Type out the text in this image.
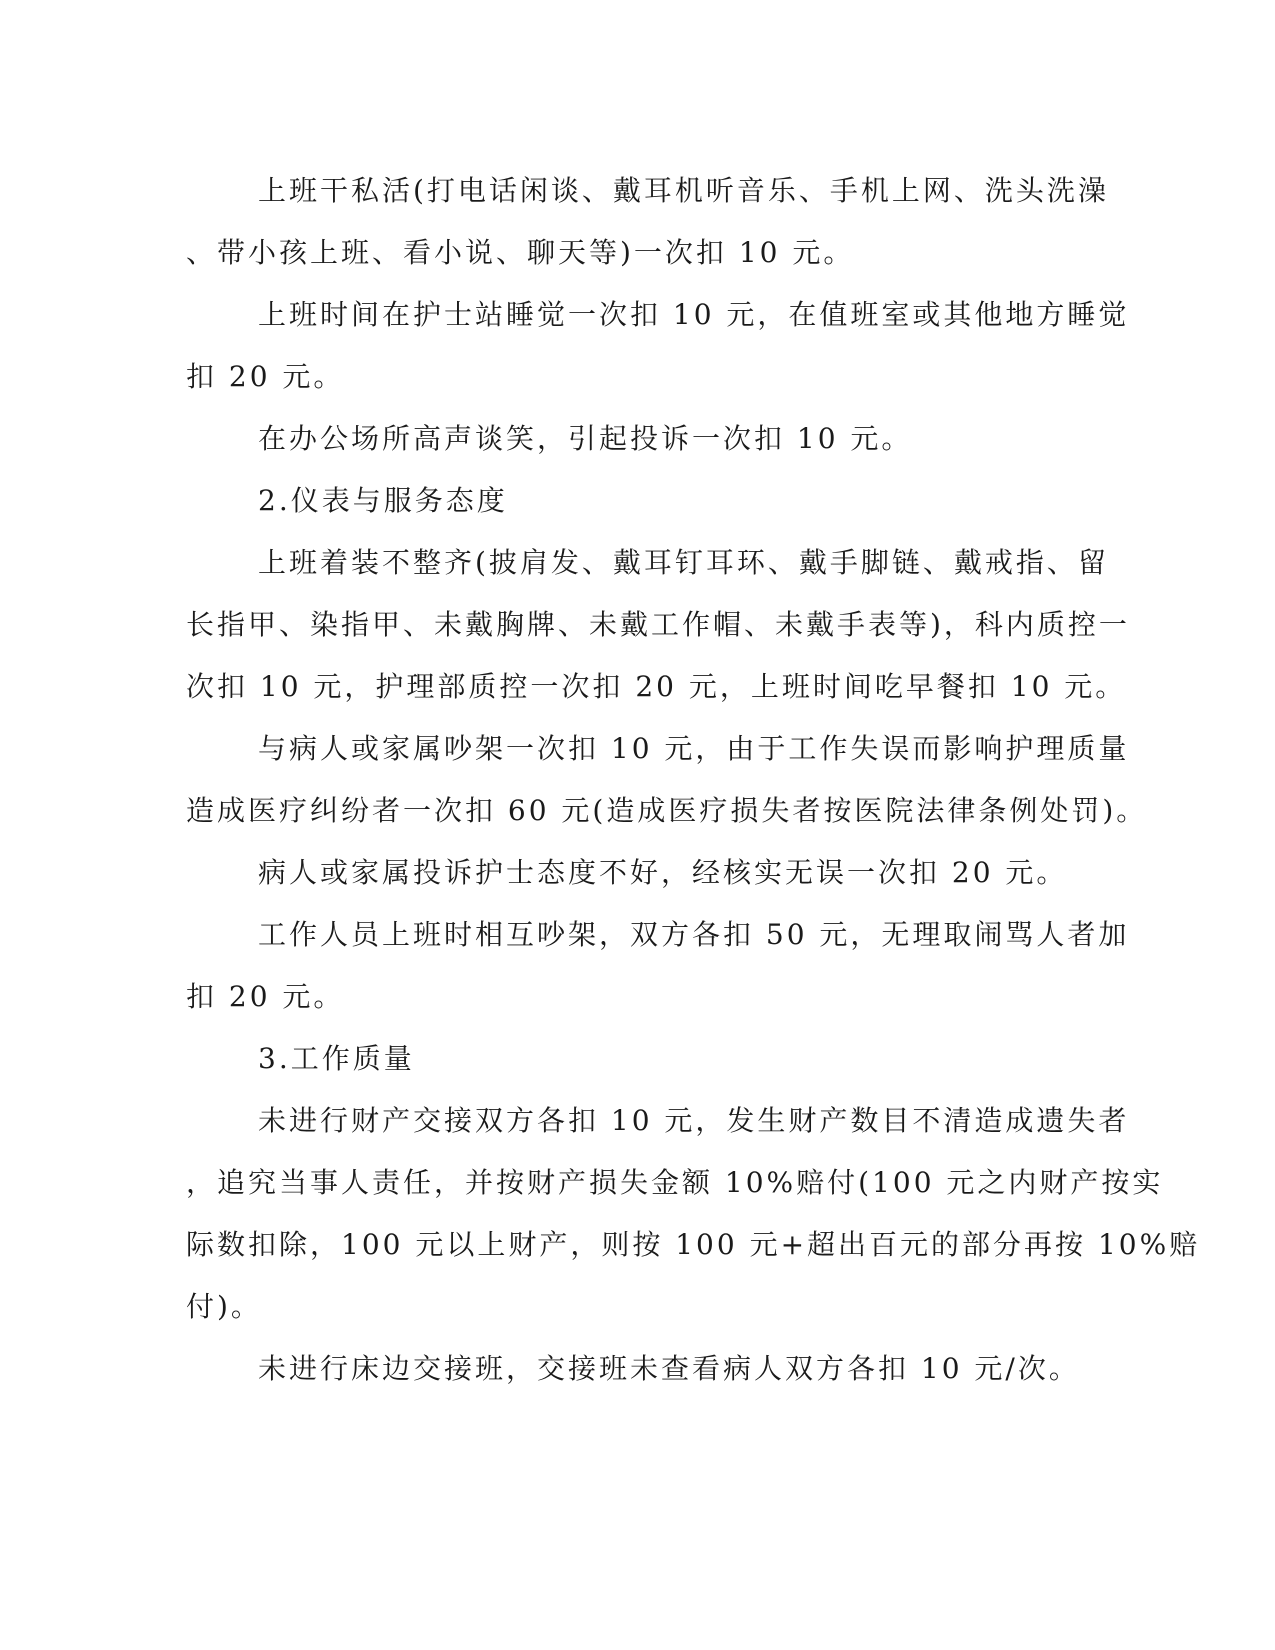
上班干私活(打电话闲谈、戴耳机听音乐、手机上网、洗头洗澡
、带小孩上班、看小说、聊天等)一次扣 10 元。
上班时间在护士站睡觉一次扣 10 元，在值班室或其他地方睡觉
扣 20 元。
在办公场所高声谈笑，引起投诉一次扣 10 元。
2.仪表与服务态度
上班着装不整齐(披肩发、戴耳钉耳环、戴手脚链、戴戒指、留
长指甲、染指甲、未戴胸牌、未戴工作帽、未戴手表等)，科内质控一
次扣 10 元，护理部质控一次扣 20 元，上班时间吃早餐扣 10 元。
与病人或家属吵架一次扣 10 元，由于工作失误而影响护理质量
造成医疗纠纷者一次扣 60 元(造成医疗损失者按医院法律条例处罚)。
病人或家属投诉护士态度不好，经核实无误一次扣 20 元。
工作人员上班时相互吵架，双方各扣 50 元，无理取闹骂人者加
扣 20 元。
3.工作质量
未进行财产交接双方各扣 10 元，发生财产数目不清造成遗失者
，追究当事人责任，并按财产损失金额 10%赔付(100 元之内财产按实
际数扣除，100 元以上财产，则按 100 元+超出百元的部分再按 10%赔
付)。
未进行床边交接班，交接班未查看病人双方各扣 10 元/次。
